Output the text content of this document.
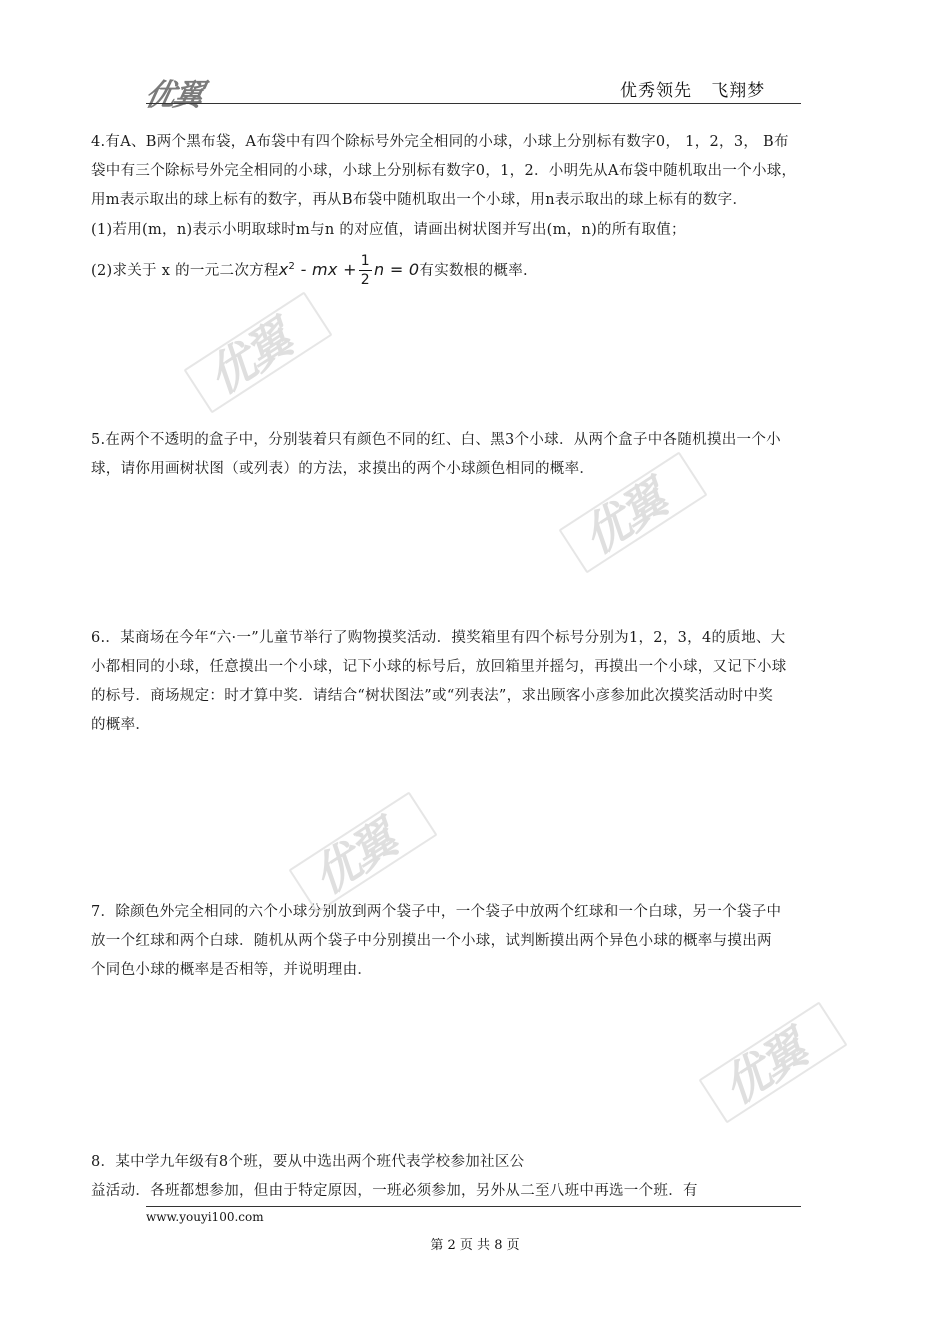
优翼	优秀领先   飞翔梦

4.有A、B两个黑布袋，A布袋中有四个除标号外完全相同的小球，小球上分别标有数字0， 1，2，3， B布

袋中有三个除标号外完全相同的小球，小球上分别标有数字0，1，2．小明先从A布袋中随机取出一个小球，

用m表示取出的球上标有的数字，再从B布袋中随机取出一个小球，用n表示取出的球上标有的数字．

(1)若用(m，n)表示小明取球时m与n 的对应值，请画出树状图并写出(m，n)的所有取值；

(2)求关于 x 的一元二次方程$x^2$ - mx + $\frac{1}{2}$ n = 0有实数根的概率.

5.在两个不透明的盒子中，分别装着只有颜色不同的红、白、黑3个小球．从两个盒子中各随机摸出一个小

球，请你用画树状图（或列表）的方法，求摸出的两个小球颜色相同的概率．

6.．某商场在今年“六·一”儿童节举行了购物摸奖活动．摸奖箱里有四个标号分别为1，2，3，4的质地、大

小都相同的小球，任意摸出一个小球，记下小球的标号后，放回箱里并摇匀，再摸出一个小球，又记下小球

的标号．商场规定：时才算中奖．请结合“树状图法”或“列表法”，求出顾客小彦参加此次摸奖活动时中奖

的概率．

7．除颜色外完全相同的六个小球分别放到两个袋子中，一个袋子中放两个红球和一个白球，另一个袋子中

放一个红球和两个白球．随机从两个袋子中分别摸出一个小球，试判断摸出两个异色小球的概率与摸出两

个同色小球的概率是否相等，并说明理由．

8．某中学九年级有8个班，要从中选出两个班代表学校参加社区公

益活动．各班都想参加，但由于特定原因，一班必须参加，另外从二至八班中再选一个班．有

优翼
优翼
优翼
优翼
www.youyi100.com
第 2 页 共 8 页
